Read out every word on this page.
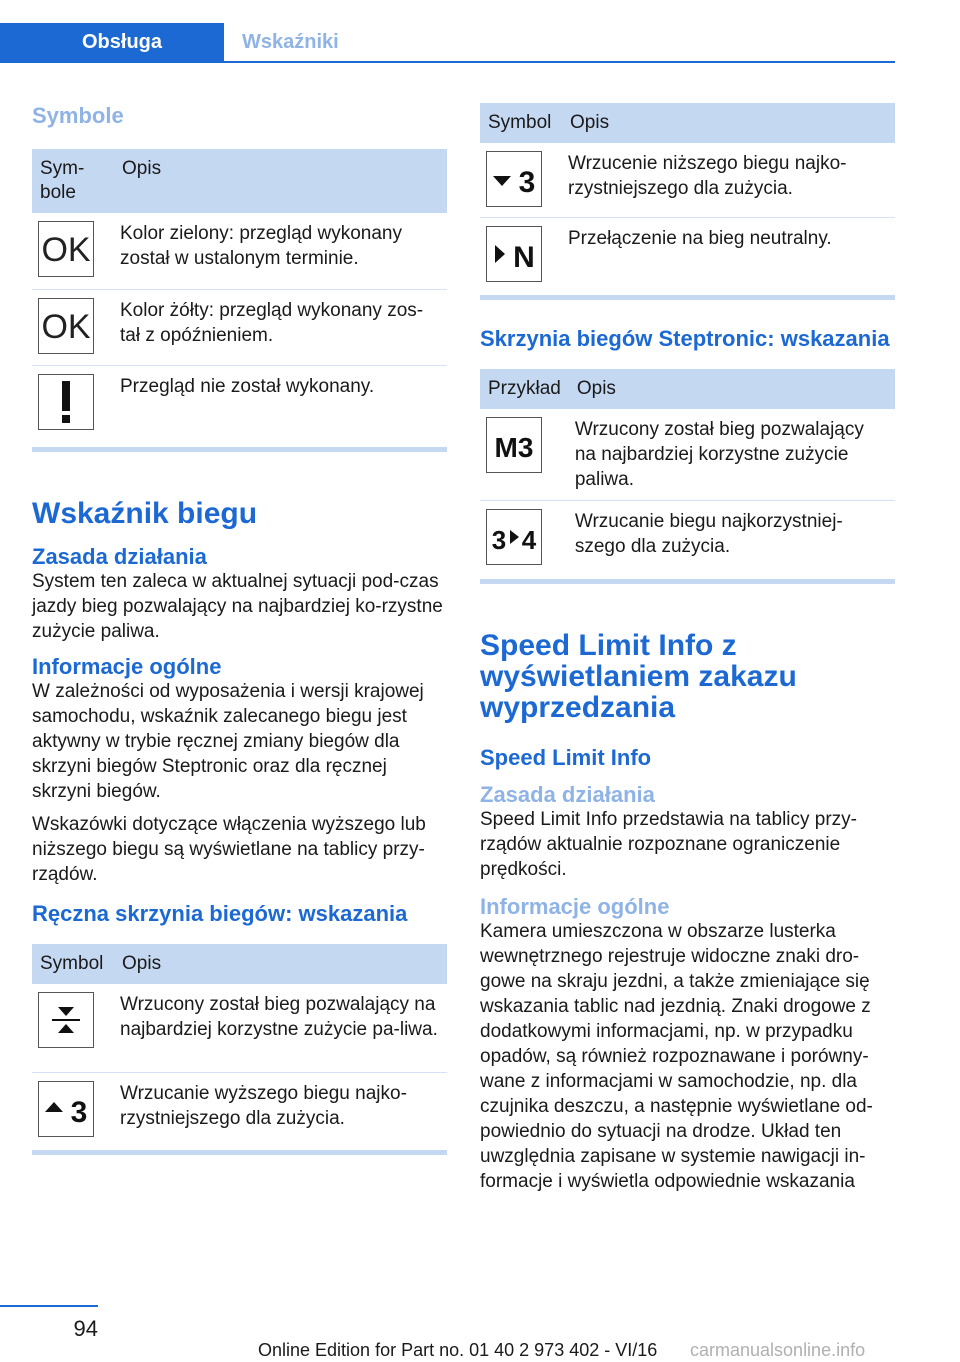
Obsługa	Wskaźniki
Symbole
Sym-
bole	Opis

OK	Kolor zielony: przegląd wykonany został w ustalonym terminie.

OK	Kolor żółty: przegląd wykonany zos-tał z opóźnieniem.

	Przegląd nie został wykonany.
Wskaźnik biegu
Zasada działania
System ten zaleca w aktualnej sytuacji pod-czas jazdy bieg pozwalający na najbardziej ko-rzystne zużycie paliwa.
Informacje ogólne
W zależności od wyposażenia i wersji krajowej samochodu, wskaźnik zalecanego biegu jest aktywny w trybie ręcznej zmiany biegów dla skrzyni biegów Steptronic oraz dla ręcznej skrzyni biegów.
Wskazówki dotyczące włączenia wyższego lub niższego biegu są wyświetlane na tablicy przy-rządów.
Ręczna skrzynia biegów: wskazania
Symbol	Opis

	Wrzucony został bieg pozwalający na najbardziej korzystne zużycie pa-liwa.

3	Wrzucanie wyższego biegu najko-rzystniejszego dla zużycia.
Symbol	Opis

3	Wrzucenie niższego biegu najko-rzystniejszego dla zużycia.

N	Przełączenie na bieg neutralny.
Skrzynia biegów Steptronic: wskazania
Przykład	Opis

M3	Wrzucony został bieg pozwalający na najbardziej korzystne zużycie paliwa.

3 4	Wrzucanie biegu najkorzystniej-szego dla zużycia.
Speed Limit Info z wyświetlaniem zakazu wyprzedzania
Speed Limit Info
Zasada działania
Speed Limit Info przedstawia na tablicy przy-rządów aktualnie rozpoznane ograniczenie prędkości.
Informacje ogólne
Kamera umieszczona w obszarze lusterka wewnętrznego rejestruje widoczne znaki dro-gowe na skraju jezdni, a także zmieniające się wskazania tablic nad jezdnią. Znaki drogowe z dodatkowymi informacjami, np. w przypadku opadów, są również rozpoznawane i porówny-wane z informacjami w samochodzie, np. dla czujnika deszczu, a następnie wyświetlane od-powiednio do sytuacji na drodze. Układ ten uwzględnia zapisane w systemie nawigacji in-formacje i wyświetla odpowiednie wskazania
94
Online Edition for Part no. 01 40 2 973 402 - VI/16 carmanualsonline.info
